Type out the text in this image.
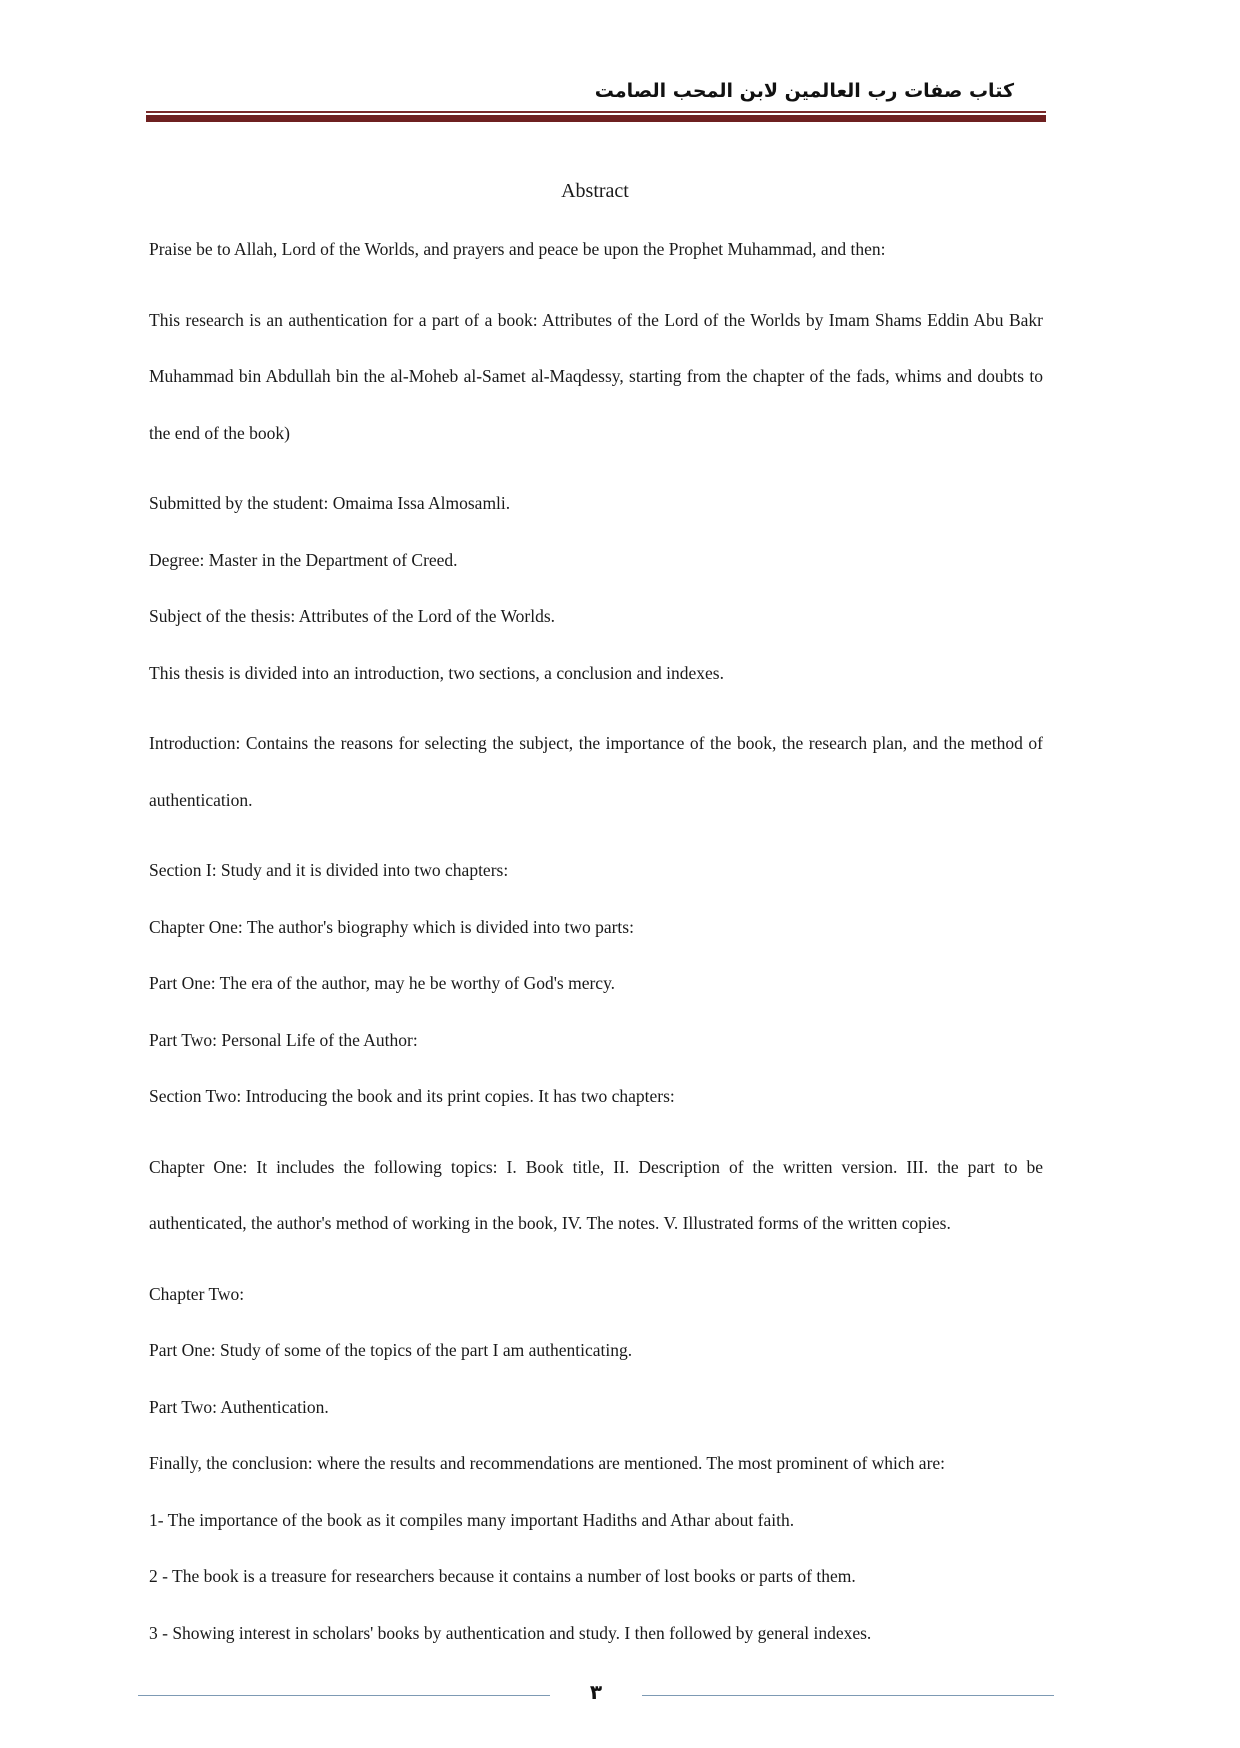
كتاب صفات رب العالمين لابن المحب الصامت
Abstract

Praise be to Allah, Lord of the Worlds, and prayers and peace be upon the Prophet Muhammad, and then:

This research is an authentication for a part of a book: Attributes of the Lord of the Worlds by Imam Shams Eddin Abu Bakr Muhammad bin Abdullah bin the al-Moheb al-Samet al-Maqdessy, starting from the chapter of the fads, whims and doubts to the end of the book)

Submitted by the student: Omaima Issa Almosamli.

Degree: Master in the Department of Creed.

Subject of the thesis: Attributes of the Lord of the Worlds.

This thesis is divided into an introduction, two sections, a conclusion and indexes.

Introduction: Contains the reasons for selecting the subject, the importance of the book, the research plan, and the method of authentication.

Section I: Study and it is divided into two chapters:

Chapter One: The author's biography which is divided into two parts:

Part One: The era of the author, may he be worthy of God's mercy.

Part Two: Personal Life of the Author:

Section Two: Introducing the book and its print copies. It has two chapters:

Chapter One: It includes the following topics: I. Book title, II. Description of the written version. III. the part to be authenticated, the author's method of working in the book, IV. The notes. V. Illustrated forms of the written copies.

Chapter Two:

Part One: Study of some of the topics of the part I am authenticating.

Part Two: Authentication.

Finally, the conclusion: where the results and recommendations are mentioned. The most prominent of which are:

1- The importance of the book as it compiles many important Hadiths and Athar about faith.

2 - The book is a treasure for researchers because it contains a number of lost books or parts of them.

3 - Showing interest in scholars' books by authentication and study. I then followed by general indexes.

٣
